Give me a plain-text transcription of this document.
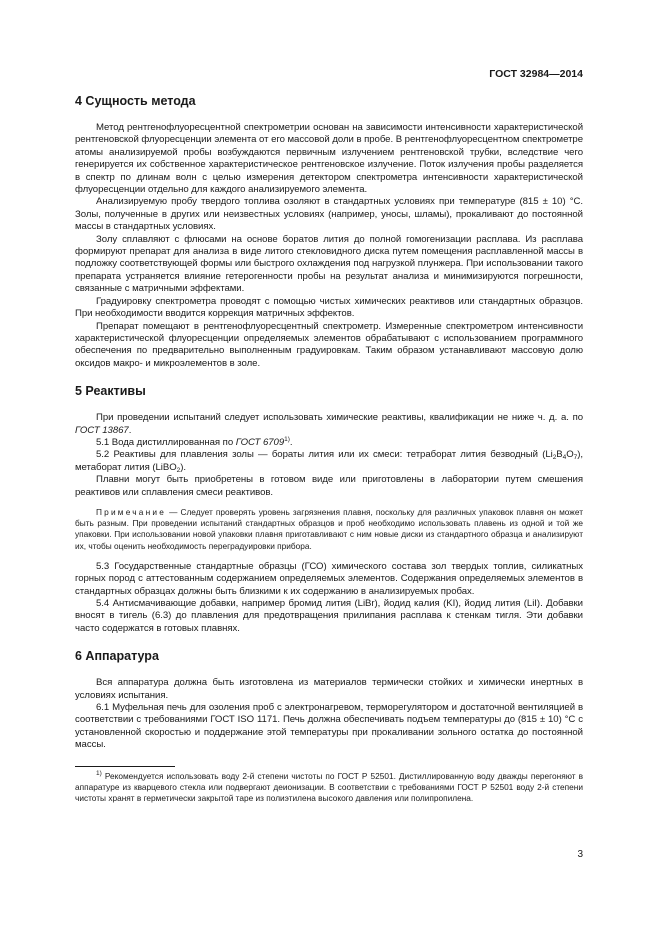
ГОСТ 32984—2014
4 Сущность метода

Метод рентгенофлуоресцентной спектрометрии основан на зависимости интенсивности характеристической рентгеновской флуоресценции элемента от его массовой доли в пробе. В рентгенофлуоресцентном спектрометре атомы анализируемой пробы возбуждаются первичным излучением рентгеновской трубки, вследствие чего генерируется их собственное характеристическое рентгеновское излучение. Поток излучения пробы разделяется в спектр по длинам волн с целью измерения детектором спектрометра интенсивности характеристической флуоресценции отдельно для каждого анализируемого элемента.

Анализируемую пробу твердого топлива озоляют в стандартных условиях при температуре (815 ± 10) °С. Золы, полученные в других или неизвестных условиях (например, уносы, шламы), прокаливают до постоянной массы в стандартных условиях.

Золу сплавляют с флюсами на основе боратов лития до полной гомогенизации расплава. Из расплава формируют препарат для анализа в виде литого стекловидного диска путем помещения расплавленной массы в подложку соответствующей формы или быстрого охлаждения под нагрузкой плунжера. При использовании такого препарата устраняется влияние гетерогенности пробы на результат анализа и минимизируются погрешности, связанные с матричными эффектами.

Градуировку спектрометра проводят с помощью чистых химических реактивов или стандартных образцов. При необходимости вводится коррекция матричных эффектов.

Препарат помещают в рентгенофлуоресцентный спектрометр. Измеренные спектрометром интенсивности характеристической флуоресценции определяемых элементов обрабатывают с использованием программного обеспечения по предварительно выполненным градуировкам. Таким образом устанавливают массовую долю оксидов макро- и микроэлементов в золе.

5 Реактивы

При проведении испытаний следует использовать химические реактивы, квалификации не ниже ч. д. а. по ГОСТ 13867.

5.1 Вода дистиллированная по ГОСТ 6709$^{1)}$.

5.2 Реактивы для плавления золы — бораты лития или их смеси: тетраборат лития безводный $(Li_2B_4O_7)$, метаборат лития (LiBO$_2$).

Плавни могут быть приобретены в готовом виде или приготовлены в лаборатории путем смешения реактивов или сплавления смеси реактивов.

Примечание — Следует проверять уровень загрязнения плавня, поскольку для различных упаковок плавня он может быть разным. При проведении испытаний стандартных образцов и проб необходимо использовать плавень из одной и той же упаковки. При использовании новой упаковки плавня приготавливают с ним новые диски из стандартного образца и анализируют их, чтобы оценить необходимость переградуировки прибора.

5.3 Государственные стандартные образцы (ГСО) химического состава зол твердых топлив, силикатных горных пород с аттестованным содержанием определяемых элементов. Содержания определяемых элементов в стандартных образцах должны быть близкими к их содержанию в анализируемых пробах.

5.4 Антисмачивающие добавки, например бромид лития (LiBr), йодид калия (KI), йодид лития (LiI). Добавки вносят в тигель (6.3) до плавления для предотвращения прилипания расплава к стенкам тигля. Эти добавки часто содержатся в готовых плавнях.

6 Аппаратура

Вся аппаратура должна быть изготовлена из материалов термически стойких и химически инертных в условиях испытания.

6.1 Муфельная печь для озоления проб с электронагревом, терморегулятором и достаточной вентиляцией в соответствии с требованиями ГОСТ ISO 1171. Печь должна обеспечивать подъем температуры до (815 ± 10) °С с установленной скоростью и поддержание этой температуры при прокаливании зольного остатка до постоянной массы.

$^{1)}$ Рекомендуется использовать воду 2-й степени чистоты по ГОСТ Р 52501. Дистиллированную воду дважды перегоняют в аппаратуре из кварцевого стекла или подвергают деионизации. В соответствии с требованиями ГОСТ Р 52501 воду 2-й степени чистоты хранят в герметически закрытой таре из полиэтилена высокого давления или полипропилена.
3
